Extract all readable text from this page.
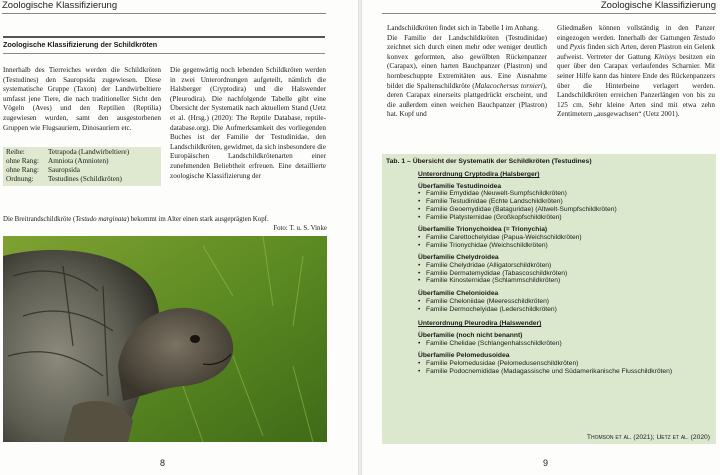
Zoologische Klassifizierung
Zoologische Klassifizierung der Schildkröten

Innerhalb des Tierreiches werden die Schildkröten (Testudines) den Sauropsida zugewiesen. Diese systematische Gruppe (Taxon) der Landwirbeltiere umfasst jene Tiere, die nach traditioneller Sicht den Vögeln (Aves) und den Reptilien (Reptilia) zugewiesen wurden, samt den ausgestorbenen Gruppen wie Flugsauriern, Dinosauriern etc.

Reihe:	Tetrapoda (Landwirbeltiere)
ohne Rang:	Amniota (Amnioten)
ohne Rang:	Sauropsida
Ordnung:	Testudines (Schildkröten)

Die gegenwärtig noch lebenden Schildkröten werden in zwei Unterordnungen aufgeteilt, nämlich die Halsberger (Cryptodira) und die Halswender (Pleurodira). Die nachfolgende Tabelle gibt eine Übersicht der Systematik nach aktuellem Stand (Uetz et al. (Hrsg.) (2020): The Reptile Database, reptile-database.org). Die Aufmerksamkeit des vorliegenden Buches ist der Familie der Testudinidae, den Landschildkröten, gewidmet, da sich insbesondere die Europäischen Landschildkrötenarten einer zunehmenden Beliebtheit erfreuen. Eine detaillierte zoologische Klassifizierung der

Die Breitrandschildkröte (Testudo marginata) bekommt im Alter einen stark ausgeprägten Kopf.
Foto: T. u. S. Vinke
8
Zoologische Klassifizierung

Landschildkröten findet sich in Tabelle I im Anhang.
Die Familie der Landschildkröten (Testudinidae) zeichnet sich durch einen mehr oder weniger deutlich konvex geformten, also gewölbten Rückenpanzer (Carapax), einen harten Bauchpanzer (Plastron) und hornbeschuppte Extremitäten aus. Eine Ausnahme bildet die Spaltenschildkröte (Malacochersus tornieri), deren Carapax einerseits plattgedrückt erscheint, und die außerdem einen weichen Bauchpanzer (Plastron) hat. Kopf und

Gliedmaßen können vollständig in den Panzer eingezogen werden. Innerhalb der Gattungen Testudo und Pyxis finden sich Arten, deren Plastron ein Gelenk aufweist. Vertreter der Gattung Kinixys besitzen ein quer über den Carapax verlaufendes Scharnier. Mit seiner Hilfe kann das hintere Ende des Rückenpanzers über die Hinterbeine verlagert werden. Landschildkröten erreichen Panzerlängen von bis zu 125 cm. Sehr kleine Arten sind mit etwa zehn Zentimetern „ausgewachsen“ (Uetz 2001).

Tab. 1 – Übersicht der Systematik der Schildkröten (Testudines)
Unterordnung Cryptodira (Halsberger)
Überfamilie Testudinoidea
• Familie Emydidae (Neuwelt-Sumpfschildkröten)
• Familie Testudinidae (Echte Landschildkröten)
• Familie Geoemydidae (Bataguridae) (Altwelt-Sumpfschildkröten)
• Familie Platysternidae (Großkopfschildkröten)
Überfamilie Trionychoidea (= Trionychia)
• Familie Carettochelyidae (Papua-Weichschildkröten)
• Familie Trionychidae (Weichschildkröten)
Überfamilie Chelydroidea
• Familie Chelydridae (Alligatorschildkröten)
• Familie Dermatemydidae (Tabascoschildkröten)
• Familie Kinosternidae (Schlammschildkröten)
Überfamilie Chelonioidea
• Familie Cheloniidae (Meeresschildkröten)
• Familie Dermochelyidae (Lederschildkröten)
Unterordnung Pleurodira (Halswender)
Überfamilie (noch nicht benannt)
• Familie Chelidae (Schlangenhalsschildkröten)
Überfamilie Pelomedusoidea
• Familie Pelomedusidae (Pelomedusenschildkröten)
• Familie Podocnemididae (Madagassische und Südamerikanische Flusschildkröten)
Thomson et al. (2021); Uetz et al. (2020)
9
